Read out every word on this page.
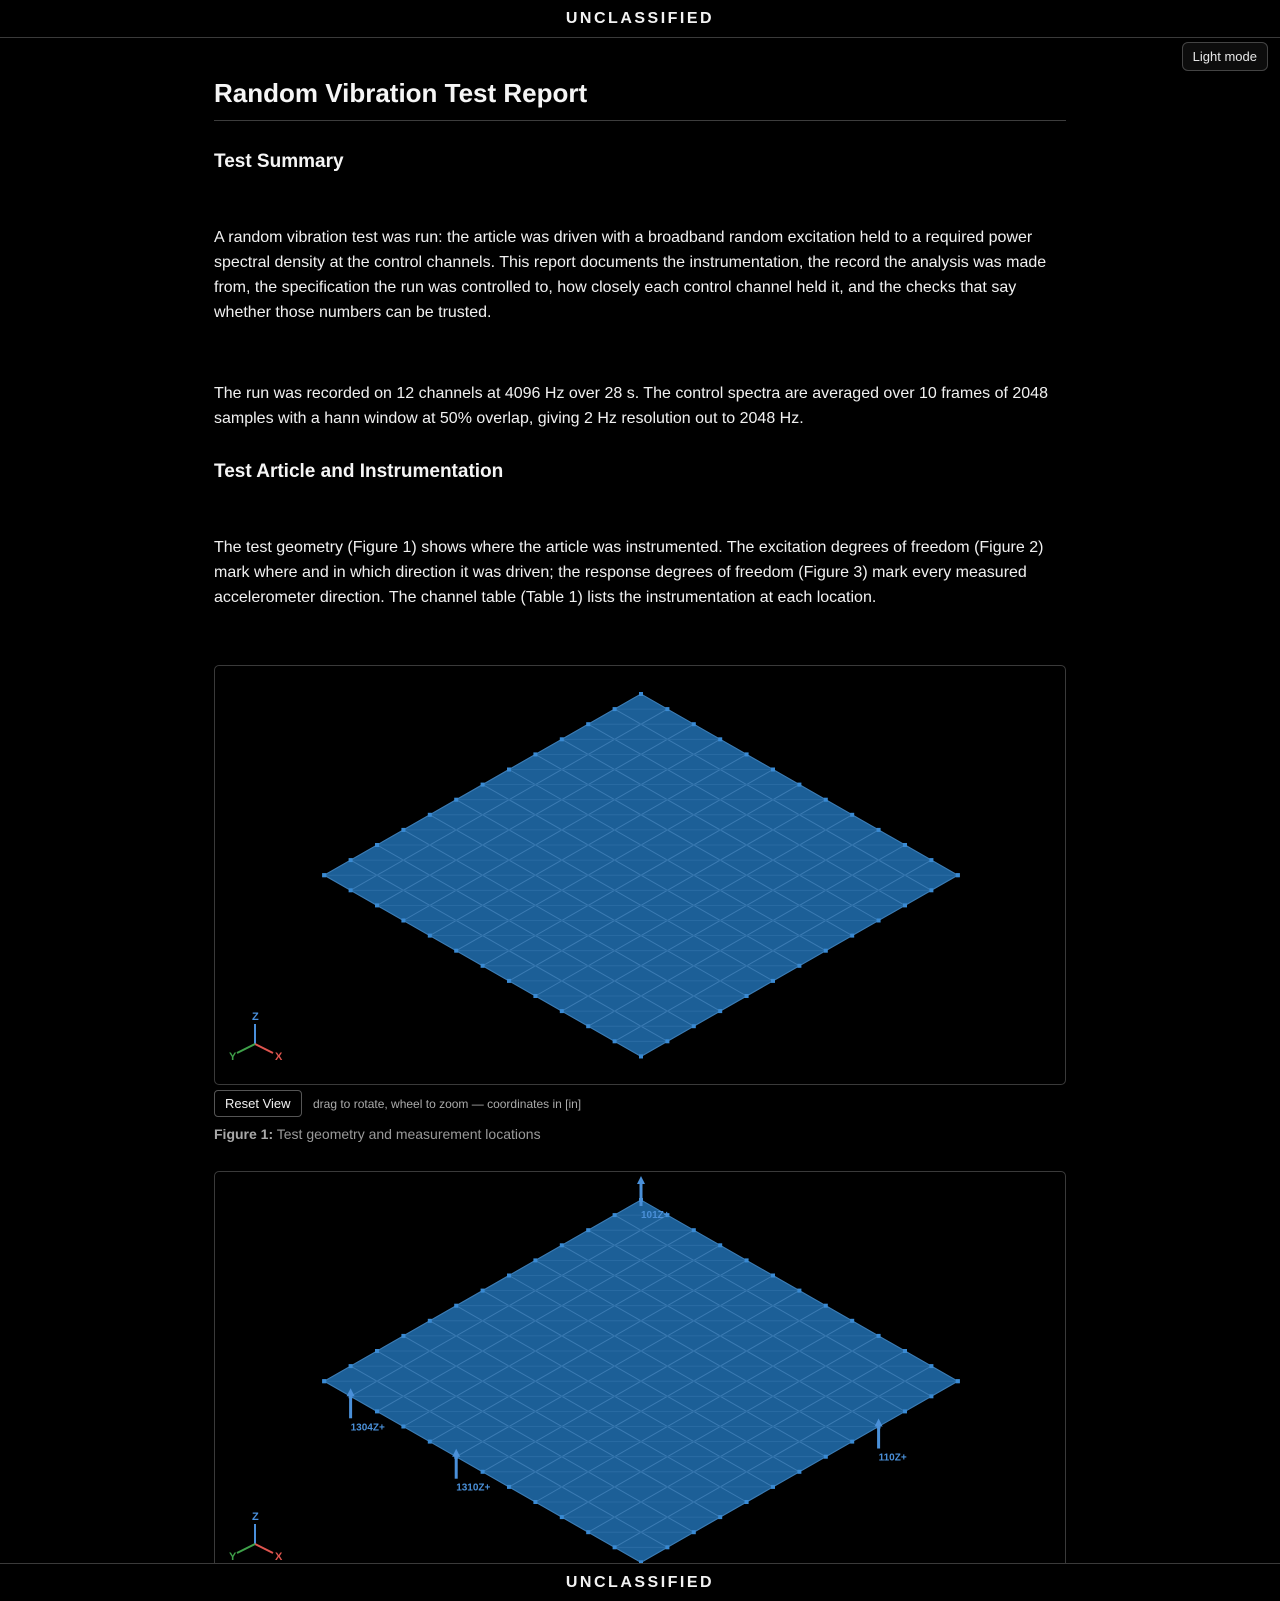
UNCLASSIFIED
Light mode
Random Vibration Test Report
Test Summary

A random vibration test was run: the article was driven with a broadband random excitation held to a required power spectral density at the control channels. This report documents the instrumentation, the record the analysis was made from, the specification the run was controlled to, how closely each control channel held it, and the checks that say whether those numbers can be trusted.

The run was recorded on 12 channels at 4096 Hz over 28 s. The control spectra are averaged over 10 frames of 2048 samples with a hann window at 50% overlap, giving 2 Hz resolution out to 2048 Hz.

Test Article and Instrumentation

The test geometry (Figure 1) shows where the article was instrumented. The excitation degrees of freedom (Figure 2) mark where and in which direction it was driven; the response degrees of freedom (Figure 3) mark every measured accelerometer direction. The channel table (Table 1) lists the instrumentation at each location.

Z
X
Y
Reset View	drag to rotate, wheel to zoom — coordinates in [in]
Figure 1: Test geometry and measurement locations
101Z+
110Z+
1304Z+
1310Z+
Z
X
Y
UNCLASSIFIED
